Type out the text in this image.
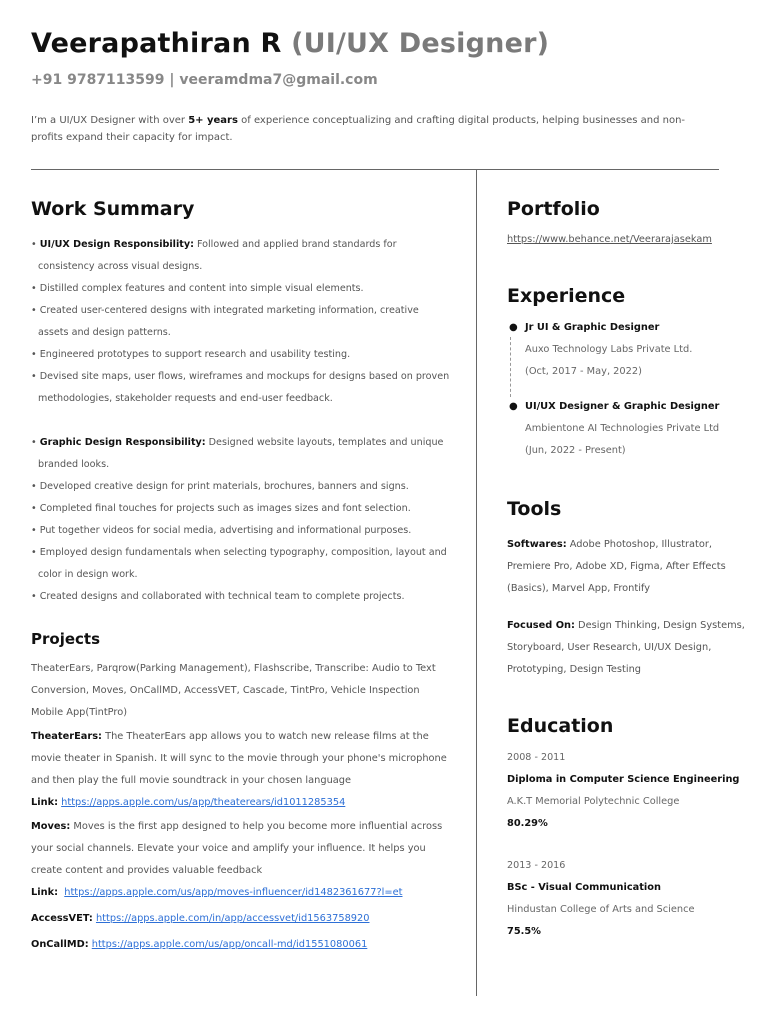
Veerapathiran R (UI/UX Designer)
+91 9787113599 | veeramdma7@gmail.com
I’m a UI/UX Designer with over 5+ years of experience conceptualizing and crafting digital products, helping businesses and non-profits expand their capacity for impact.
Work Summary
• UI/UX Design Responsibility: Followed and applied brand standards for consistency across visual designs.
• Distilled complex features and content into simple visual elements.
• Created user-centered designs with integrated marketing information, creative assets and design patterns.
• Engineered prototypes to support research and usability testing.
• Devised site maps, user flows, wireframes and mockups for designs based on proven methodologies, stakeholder requests and end-user feedback.
• Graphic Design Responsibility: Designed website layouts, templates and unique branded looks.
• Developed creative design for print materials, brochures, banners and signs.
• Completed final touches for projects such as images sizes and font selection.
• Put together videos for social media, advertising and informational purposes.
• Employed design fundamentals when selecting typography, composition, layout and color in design work.
• Created designs and collaborated with technical team to complete projects.
Projects
TheaterEars, Parqrow(Parking Management), Flashscribe, Transcribe: Audio to Text Conversion, Moves, OnCallMD, AccessVET, Cascade, TintPro, Vehicle Inspection Mobile App(TintPro)
TheaterEars: The TheaterEars app allows you to watch new release films at the movie theater in Spanish. It will sync to the movie through your phone's microphone and then play the full movie soundtrack in your chosen language
Link: https://apps.apple.com/us/app/theaterears/id1011285354
Moves: Moves is the first app designed to help you become more influential across your social channels. Elevate your voice and amplify your influence. It helps you create content and provides valuable feedback
Link: https://apps.apple.com/us/app/moves-influencer/id1482361677?l=et
AccessVET: https://apps.apple.com/in/app/accessvet/id1563758920
OnCallMD: https://apps.apple.com/us/app/oncall-md/id1551080061
Portfolio
https://www.behance.net/Veerarajasekam
Experience
● Jr UI & Graphic Designer
Auxo Technology Labs Private Ltd.
(Oct, 2017 - May, 2022)
● UI/UX Designer & Graphic Designer
Ambientone AI Technologies Private Ltd
(Jun, 2022 - Present)
Tools
Softwares: Adobe Photoshop, Illustrator, Premiere Pro, Adobe XD, Figma, After Effects (Basics), Marvel App, Frontify
Focused On: Design Thinking, Design Systems, Storyboard, User Research, UI/UX Design, Prototyping, Design Testing
Education
2008 - 2011
Diploma in Computer Science Engineering
A.K.T Memorial Polytechnic College
80.29%
2013 - 2016
BSc - Visual Communication
Hindustan College of Arts and Science
75.5%
